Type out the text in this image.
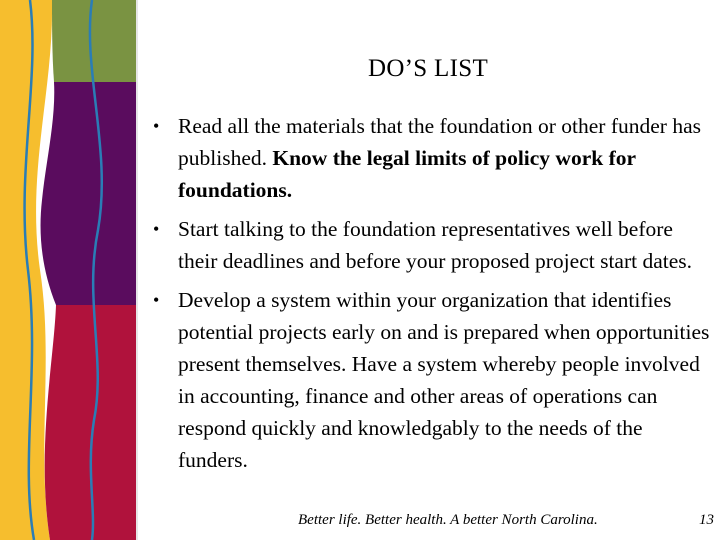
DO’S LIST
• Read all the materials that the foundation or other funder has published. Know the legal limits of policy work for foundations.
• Start talking to the foundation representatives well before their deadlines and before your proposed project start dates.
• Develop a system within your organization that identifies potential projects early on and is prepared when opportunities present themselves. Have a system whereby people involved in accounting, finance and other areas of operations can respond quickly and knowledgably to the needs of the funders.
Better life. Better health. A better North Carolina.	13
